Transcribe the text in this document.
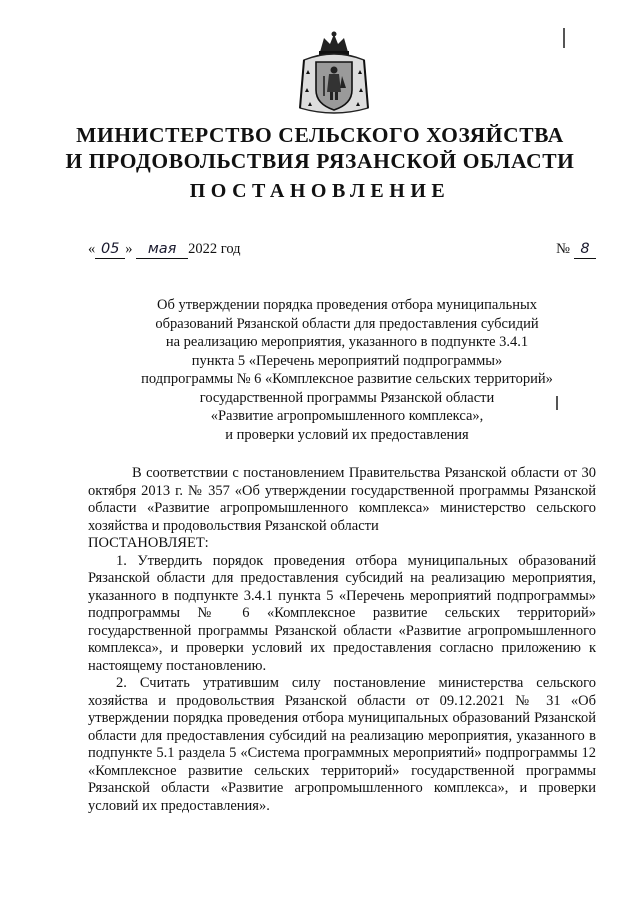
МИНИСТЕРСТВО СЕЛЬСКОГО ХОЗЯЙСТВА
И ПРОДОВОЛЬСТВИЯ РЯЗАНСКОЙ ОБЛАСТИ
ПОСТАНОВЛЕНИЕ
« 05 » мая 2022 год	№ 8
Об утверждении порядка проведения отбора муниципальных
образований Рязанской области для предоставления субсидий
на реализацию мероприятия, указанного в подпункте 3.4.1
пункта 5 «Перечень мероприятий подпрограммы»
подпрограммы № 6 «Комплексное развитие сельских территорий»
государственной программы Рязанской области
«Развитие агропромышленного комплекса»,
и проверки условий их предоставления

В соответствии с постановлением Правительства Рязанской области от 30 октября 2013 г. № 357 «Об утверждении государственной программы Рязанской области «Развитие агропромышленного комплекса» министерство сельского хозяйства и продовольствия Рязанской области

ПОСТАНОВЛЯЕТ:

1. Утвердить порядок проведения отбора муниципальных образований Рязанской области для предоставления субсидий на реализацию мероприятия, указанного в подпункте 3.4.1 пункта 5 «Перечень мероприятий подпрограммы» подпрограммы № 6 «Комплексное развитие сельских территорий» государственной программы Рязанской области «Развитие агропромышленного комплекса», и проверки условий их предоставления согласно приложению к настоящему постановлению.

2. Считать утратившим силу постановление министерства сельского хозяйства и продовольствия Рязанской области от 09.12.2021 № 31 «Об утверждении порядка проведения отбора муниципальных образований Рязанской области для предоставления субсидий на реализацию мероприятия, указанного в подпункте 5.1 раздела 5 «Система программных мероприятий» подпрограммы 12 «Комплексное развитие сельских территорий» государственной программы Рязанской области «Развитие агропромышленного комплекса», и проверки условий их предоставления».
